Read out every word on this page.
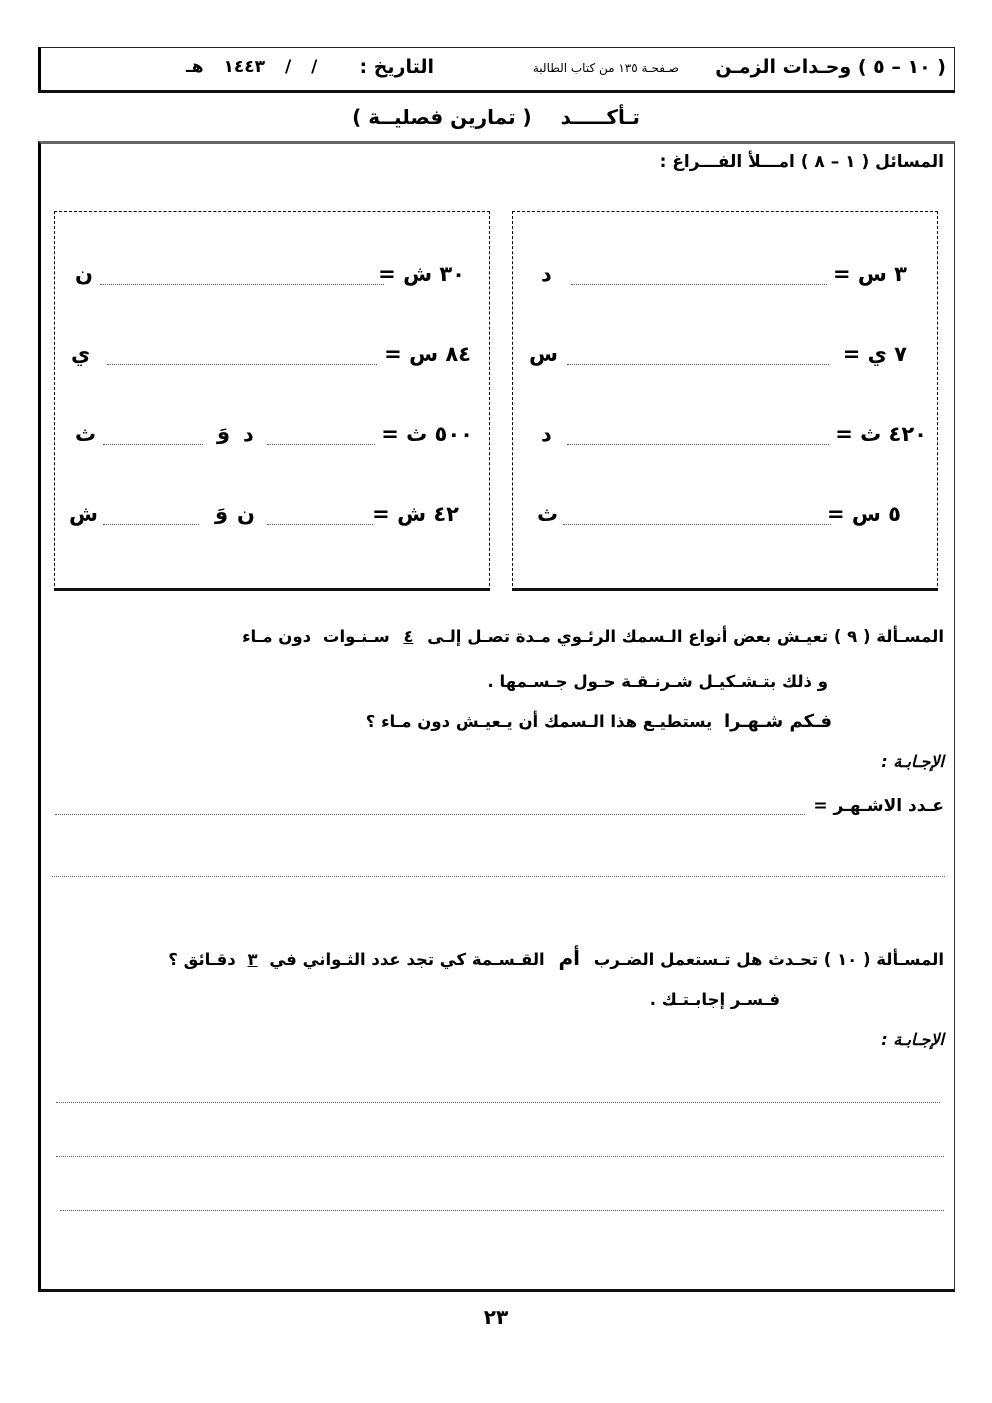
( ١٠ – ٥ ) وحـدات الزمـن
صـفحـة ١٣٥ من كتاب الطالبة
التاريخ :
/ / ١٤٤٣ هـ
تـأكـــــد ( تمارين فصليــة )
المسائل ( ١ – ٨ ) امـــلأ الفـــراغ :
٣ س =
د
٧ ي =
س
٤٢٠ ث =
د
٥ س =
ث
٣٠ ش =
ن
٨٤ س =
ي
٥٠٠ ث =
د
وَ
ث
٤٢ ش =
ن
وَ
ش
المسـألة ( ٩ ) تعيـش بعض أنواع الـسمك الرئـوي مـدة تصـل إلـى ٤ سـنـوات دون مـاء
و ذلك بتـشـكيـل شـرنـقـة حـول جـسـمها .
فـكم شـهـرا يستطيـع هذا الـسمك أن يـعيـش دون مـاء ؟
الإجـابـة :
عـدد الاشـهـر =
المسـألة ( ١٠ ) تحـدث هل تـستعمل الضـرب أم القـسـمة كي تجد عدد الثـواني في ٣ دقـائق ؟
فـسـر إجابـتـك .
الإجـابـة :
٢٣
